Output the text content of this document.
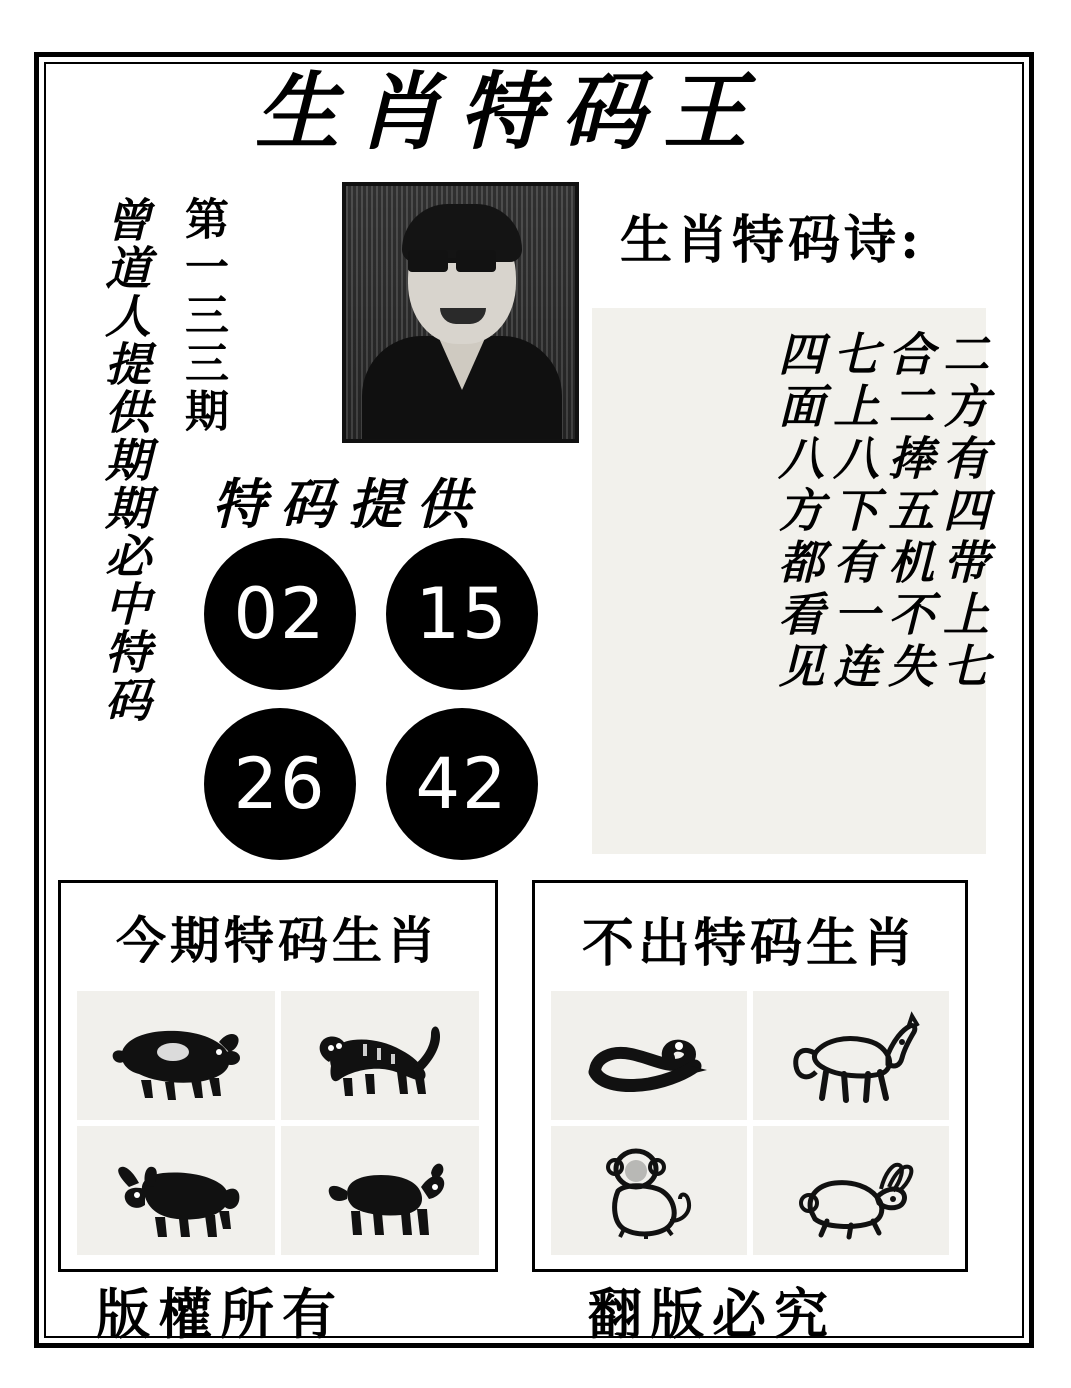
生肖特码王
曾道人提供期期必中特码 第一三三期	生肖特码诗:
二方有四带上七
合二捧五机不失
七上八下有一连
四面八方都看见
特码提供
02	15
26	42
今期特码生肖	不出特码生肖
版權所有	翻版必究
